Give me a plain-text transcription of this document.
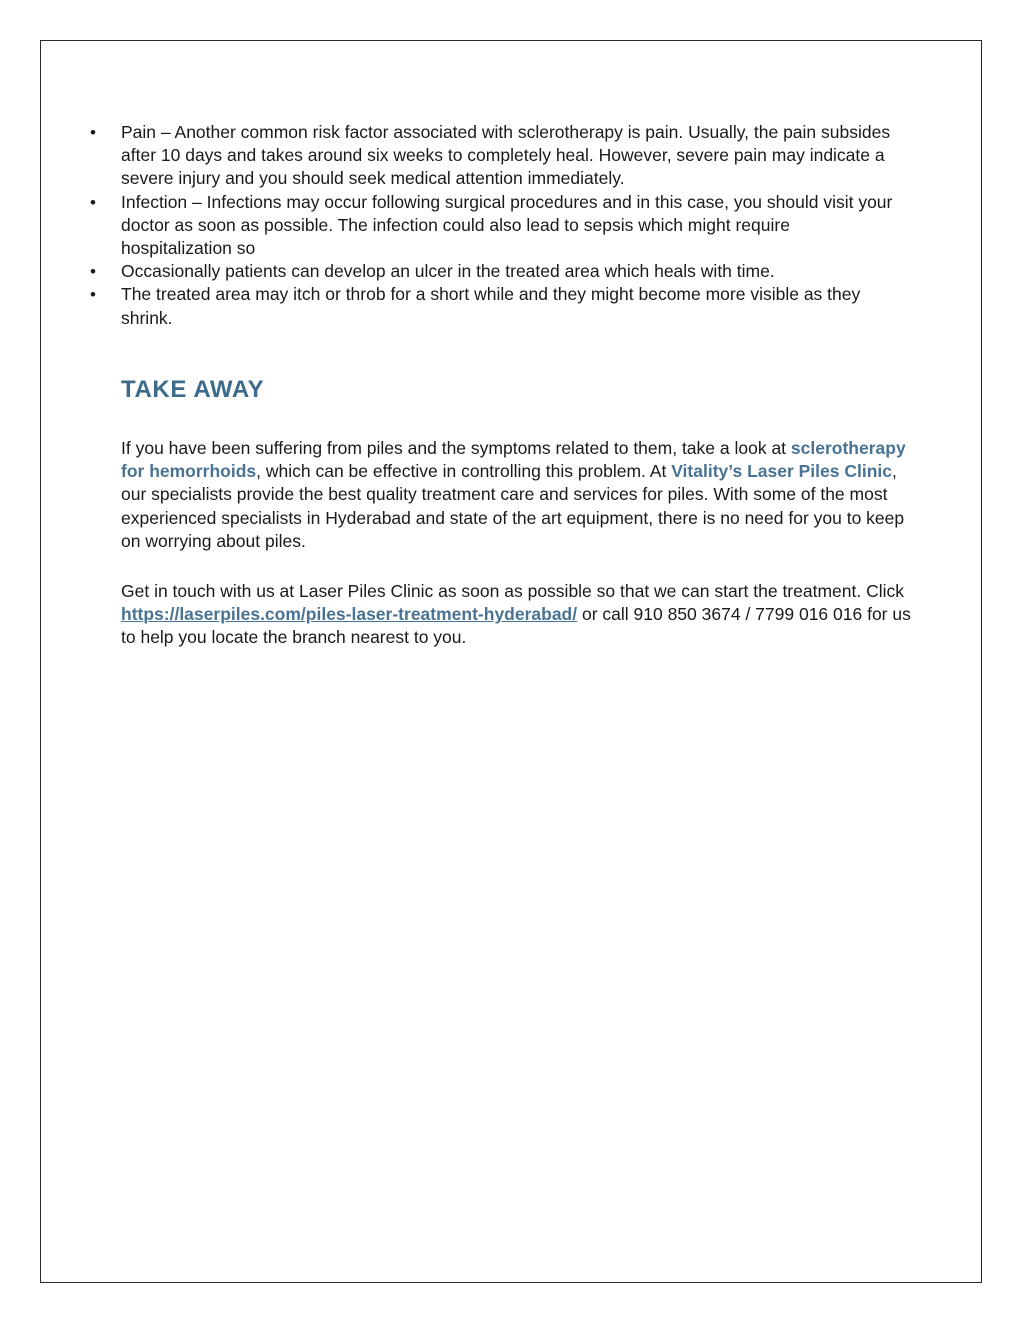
• Pain – Another common risk factor associated with sclerotherapy is pain. Usually, the pain subsides after 10 days and takes around six weeks to completely heal. However, severe pain may indicate a severe injury and you should seek medical attention immediately.
• Infection – Infections may occur following surgical procedures and in this case, you should visit your doctor as soon as possible. The infection could also lead to sepsis which might require hospitalization so
• Occasionally patients can develop an ulcer in the treated area which heals with time.
• The treated area may itch or throb for a short while and they might become more visible as they shrink.
TAKE AWAY

If you have been suffering from piles and the symptoms related to them, take a look at sclerotherapy for hemorrhoids, which can be effective in controlling this problem. At Vitality’s Laser Piles Clinic, our specialists provide the best quality treatment care and services for piles. With some of the most experienced specialists in Hyderabad and state of the art equipment, there is no need for you to keep on worrying about piles.

Get in touch with us at Laser Piles Clinic as soon as possible so that we can start the treatment. Click https://laserpiles.com/piles-laser-treatment-hyderabad/ or call 910 850 3674 / 7799 016 016 for us to help you locate the branch nearest to you.
